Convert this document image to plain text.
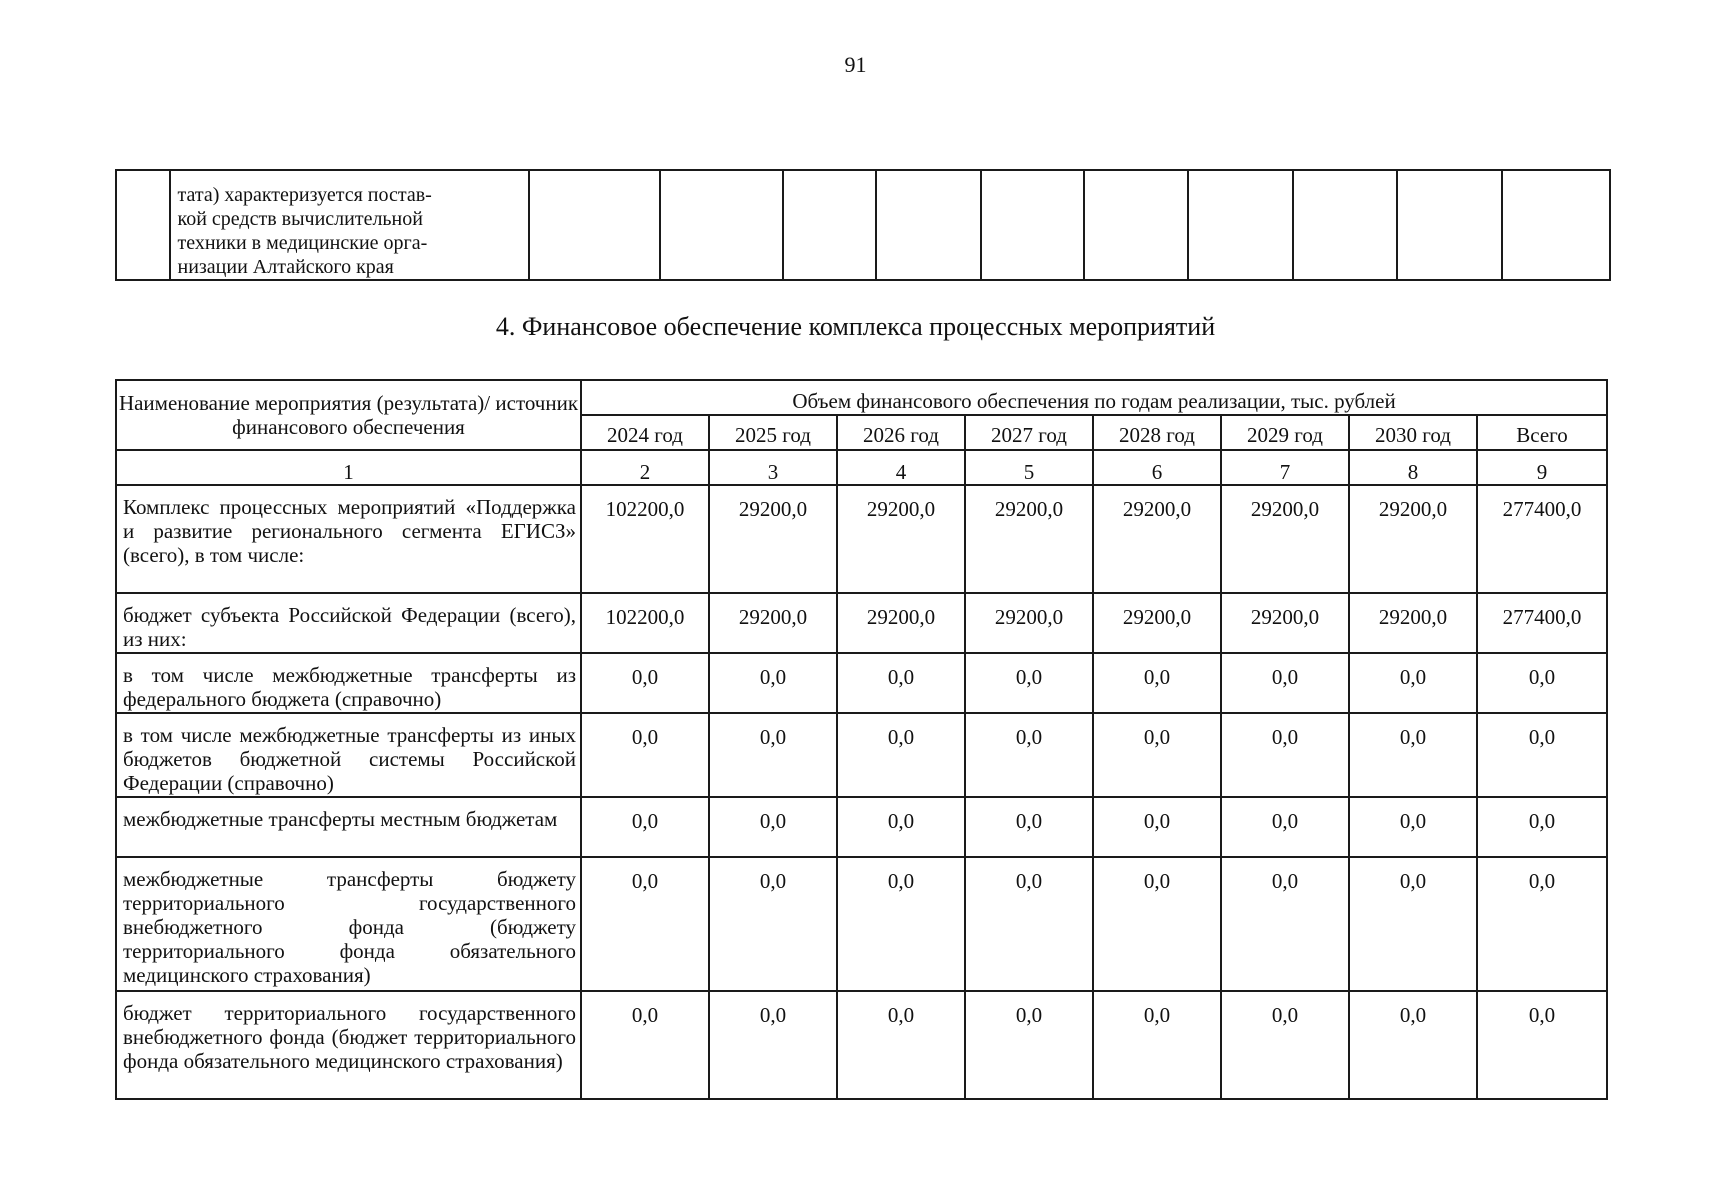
91

тата) характеризуется постав-
кой средств вычислительной
техники в медицинские орга-
низации Алтайского края

4. Финансовое обеспечение комплекса процессных мероприятий
Наименование мероприятия (результата)/ источник финансового обеспечения	Объем финансового обеспечения по годам реализации, тыс. рублей							
	2024 год	2025 год	2026 год	2027 год	2028 год	2029 год	2030 год	Всего
1	2	3	4	5	6	7	8	9
Комплекс процессных мероприятий «Поддержка и развитие регионального сегмента ЕГИСЗ» (всего), в том числе:	102200,0	29200,0	29200,0	29200,0	29200,0	29200,0	29200,0	277400,0
бюджет субъекта Российской Федерации (всего), из них:	102200,0	29200,0	29200,0	29200,0	29200,0	29200,0	29200,0	277400,0
в том числе межбюджетные трансферты из федерального бюджета (справочно)	0,0	0,0	0,0	0,0	0,0	0,0	0,0	0,0
в том числе межбюджетные трансферты из иных бюджетов бюджетной системы Российской Федерации (справочно)	0,0	0,0	0,0	0,0	0,0	0,0	0,0	0,0
межбюджетные трансферты местным бюджетам	0,0	0,0	0,0	0,0	0,0	0,0	0,0	0,0
межбюджетные трансферты бюджету территориального государственного внебюджетного фонда (бюджету территориального фонда обязательного медицинского страхования)	0,0	0,0	0,0	0,0	0,0	0,0	0,0	0,0
бюджет территориального государственного внебюджетного фонда (бюджет территориального фонда обязательного медицинского страхования)	0,0	0,0	0,0	0,0	0,0	0,0	0,0	0,0
